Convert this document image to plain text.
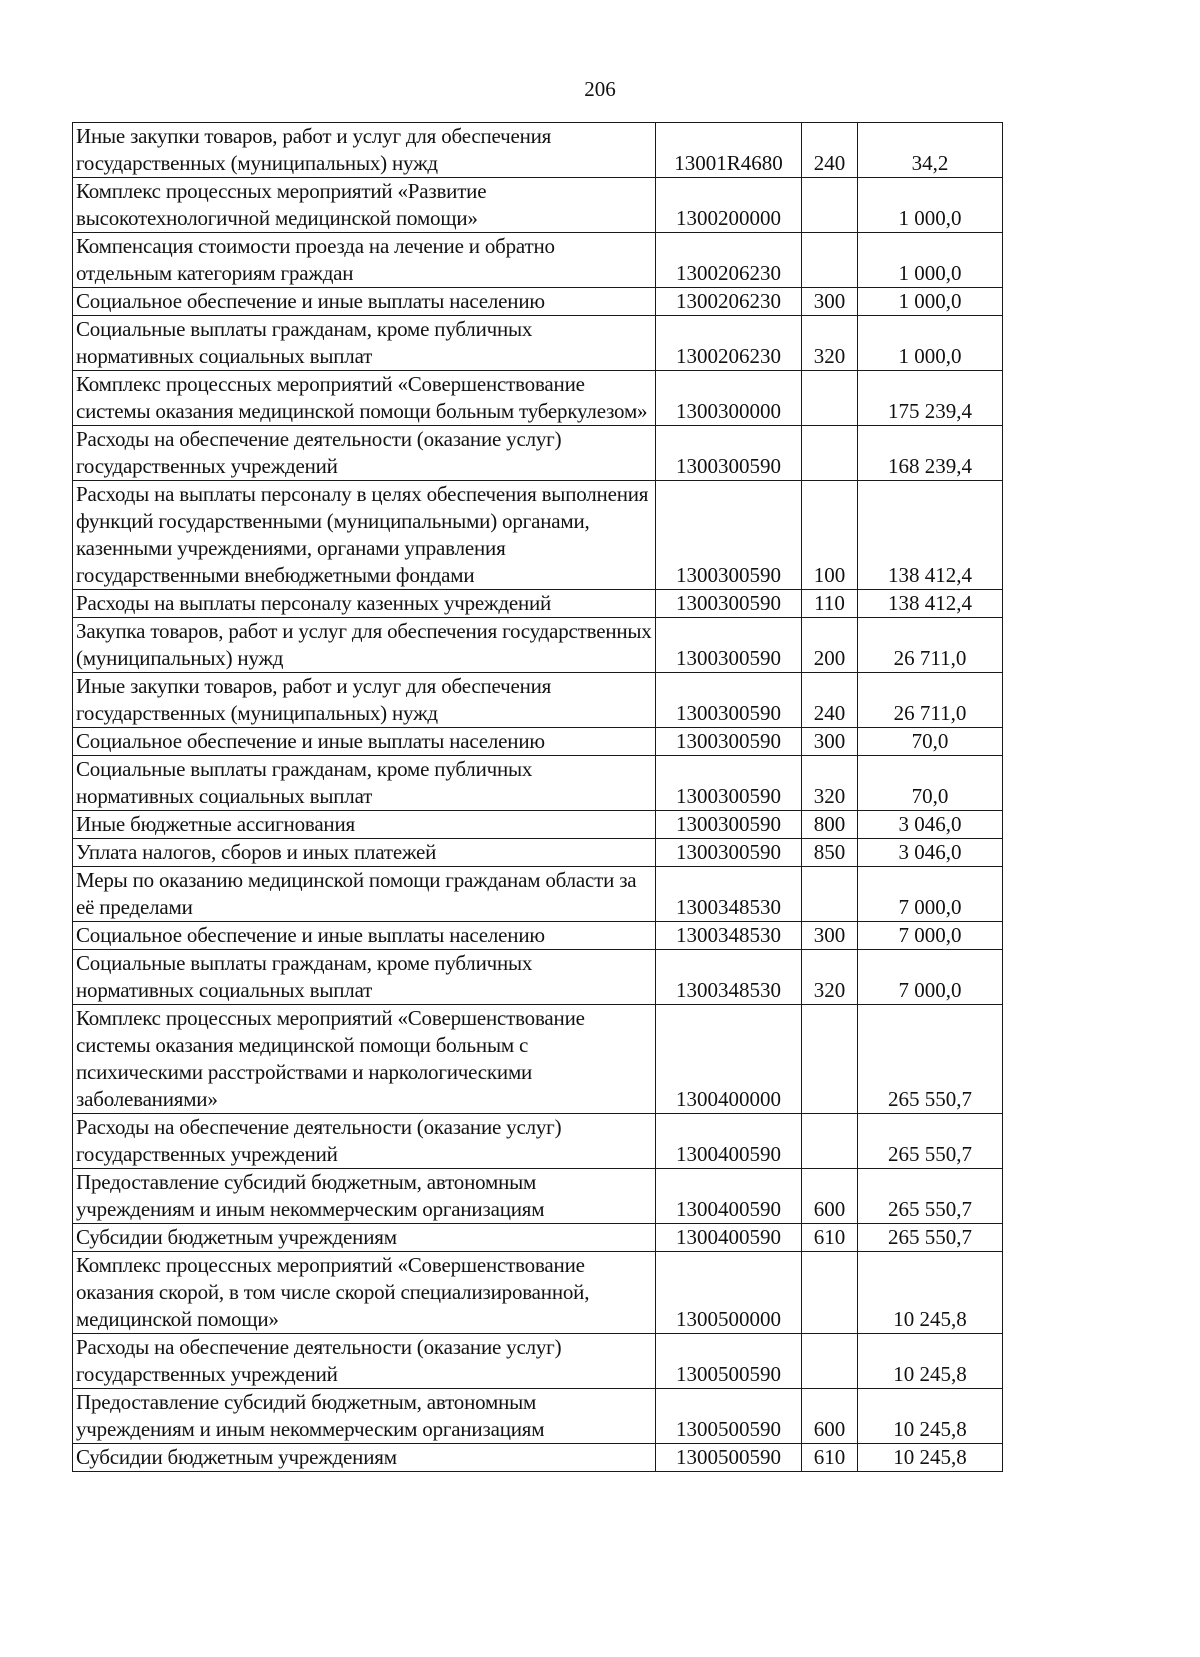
206
Иные закупки товаров, работ и услуг для обеспечения государственных (муниципальных) нужд	13001R4680	240	34,2
Комплекс процессных мероприятий «Развитие высокотехнологичной медицинской помощи»	1300200000		1 000,0
Компенсация стоимости проезда на лечение и обратно отдельным категориям граждан	1300206230		1 000,0
Социальное обеспечение и иные выплаты населению	1300206230	300	1 000,0
Социальные выплаты гражданам, кроме публичных нормативных социальных выплат	1300206230	320	1 000,0
Комплекс процессных мероприятий «Совершенствование системы оказания медицинской помощи больным туберкулезом»	1300300000		175 239,4
Расходы на обеспечение деятельности (оказание услуг) государственных учреждений	1300300590		168 239,4
Расходы на выплаты персоналу в целях обеспечения выполнения функций государственными (муниципальными) органами, казенными учреждениями, органами управления государственными внебюджетными фондами	1300300590	100	138 412,4
Расходы на выплаты персоналу казенных учреждений	1300300590	110	138 412,4
Закупка товаров, работ и услуг для обеспечения государственных (муниципальных) нужд	1300300590	200	26 711,0
Иные закупки товаров, работ и услуг для обеспечения государственных (муниципальных) нужд	1300300590	240	26 711,0
Социальное обеспечение и иные выплаты населению	1300300590	300	70,0
Социальные выплаты гражданам, кроме публичных нормативных социальных выплат	1300300590	320	70,0
Иные бюджетные ассигнования	1300300590	800	3 046,0
Уплата налогов, сборов и иных платежей	1300300590	850	3 046,0
Меры по оказанию медицинской помощи гражданам области за её пределами	1300348530		7 000,0
Социальное обеспечение и иные выплаты населению	1300348530	300	7 000,0
Социальные выплаты гражданам, кроме публичных нормативных социальных выплат	1300348530	320	7 000,0
Комплекс процессных мероприятий «Совершенствование системы оказания медицинской помощи больным с психическими расстройствами и наркологическими заболеваниями»	1300400000		265 550,7
Расходы на обеспечение деятельности (оказание услуг) государственных учреждений	1300400590		265 550,7
Предоставление субсидий бюджетным, автономным учреждениям и иным некоммерческим организациям	1300400590	600	265 550,7
Субсидии бюджетным учреждениям	1300400590	610	265 550,7
Комплекс процессных мероприятий «Совершенствование оказания скорой, в том числе скорой специализированной, медицинской помощи»	1300500000		10 245,8
Расходы на обеспечение деятельности (оказание услуг) государственных учреждений	1300500590		10 245,8
Предоставление субсидий бюджетным, автономным учреждениям и иным некоммерческим организациям	1300500590	600	10 245,8
Субсидии бюджетным учреждениям	1300500590	610	10 245,8
